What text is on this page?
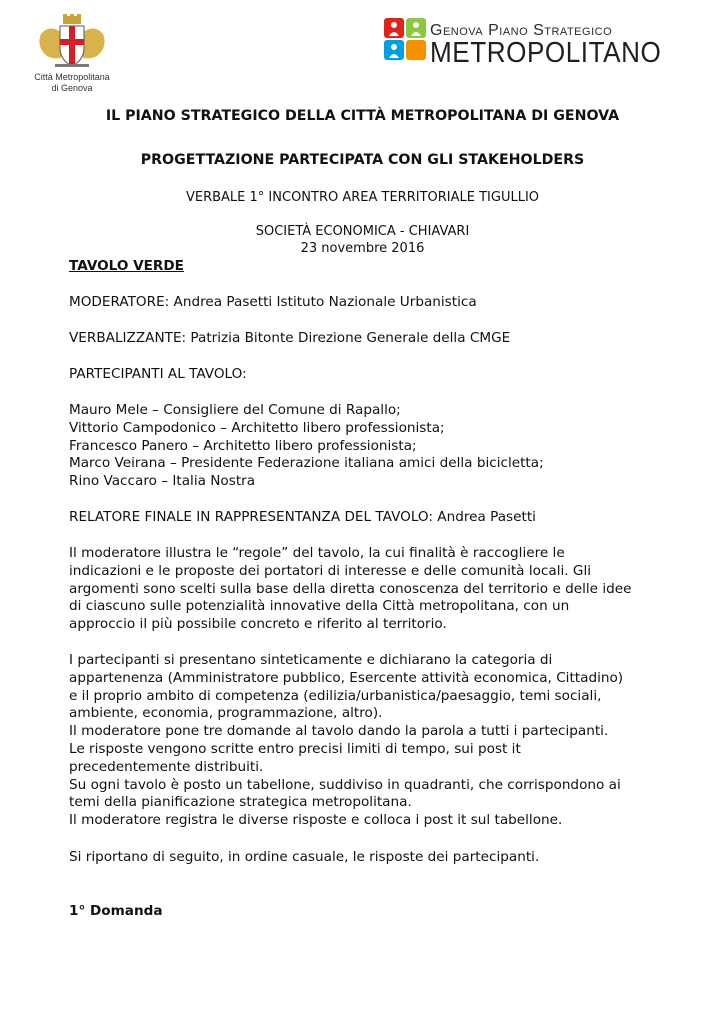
Città Metropolitana
di Genova
Genova Piano Strategico
METROPOLITANO
IL PIANO STRATEGICO DELLA CITTÀ METROPOLITANA DI GENOVA
PROGETTAZIONE PARTECIPATA CON GLI STAKEHOLDERS
VERBALE 1° INCONTRO AREA TERRITORIALE TIGULLIO
SOCIETÀ ECONOMICA - CHIAVARI
23 novembre 2016
TAVOLO VERDE
MODERATORE: Andrea Pasetti Istituto Nazionale Urbanistica
VERBALIZZANTE: Patrizia Bitonte Direzione Generale della CMGE
PARTECIPANTI AL TAVOLO:
Mauro Mele – Consigliere del Comune di Rapallo;
Vittorio Campodonico – Architetto libero professionista;
Francesco Panero – Architetto libero professionista;
Marco Veirana – Presidente Federazione italiana amici della bicicletta;
Rino Vaccaro – Italia Nostra
RELATORE FINALE IN RAPPRESENTANZA DEL TAVOLO: Andrea Pasetti
Il moderatore illustra le “regole” del tavolo, la cui finalità è raccogliere le
indicazioni e le proposte dei portatori di interesse e delle comunità locali. Gli
argomenti sono scelti sulla base della diretta conoscenza del territorio e delle idee
di ciascuno sulle potenzialità innovative della Città metropolitana, con un
approccio il più possibile concreto e riferito al territorio.
I partecipanti si presentano sinteticamente e dichiarano la categoria di
appartenenza (Amministratore pubblico, Esercente attività economica, Cittadino)
e il proprio ambito di competenza (edilizia/urbanistica/paesaggio, temi sociali,
ambiente, economia, programmazione, altro).
Il moderatore pone tre domande al tavolo dando la parola a tutti i partecipanti.
Le risposte vengono scritte entro precisi limiti di tempo, sui post it
precedentemente distribuiti.
Su ogni tavolo è posto un tabellone, suddiviso in quadranti, che corrispondono ai
temi della pianificazione strategica metropolitana.
Il moderatore registra le diverse risposte e colloca i post it sul tabellone.
Si riportano di seguito, in ordine casuale, le risposte dei partecipanti.
1° Domanda
